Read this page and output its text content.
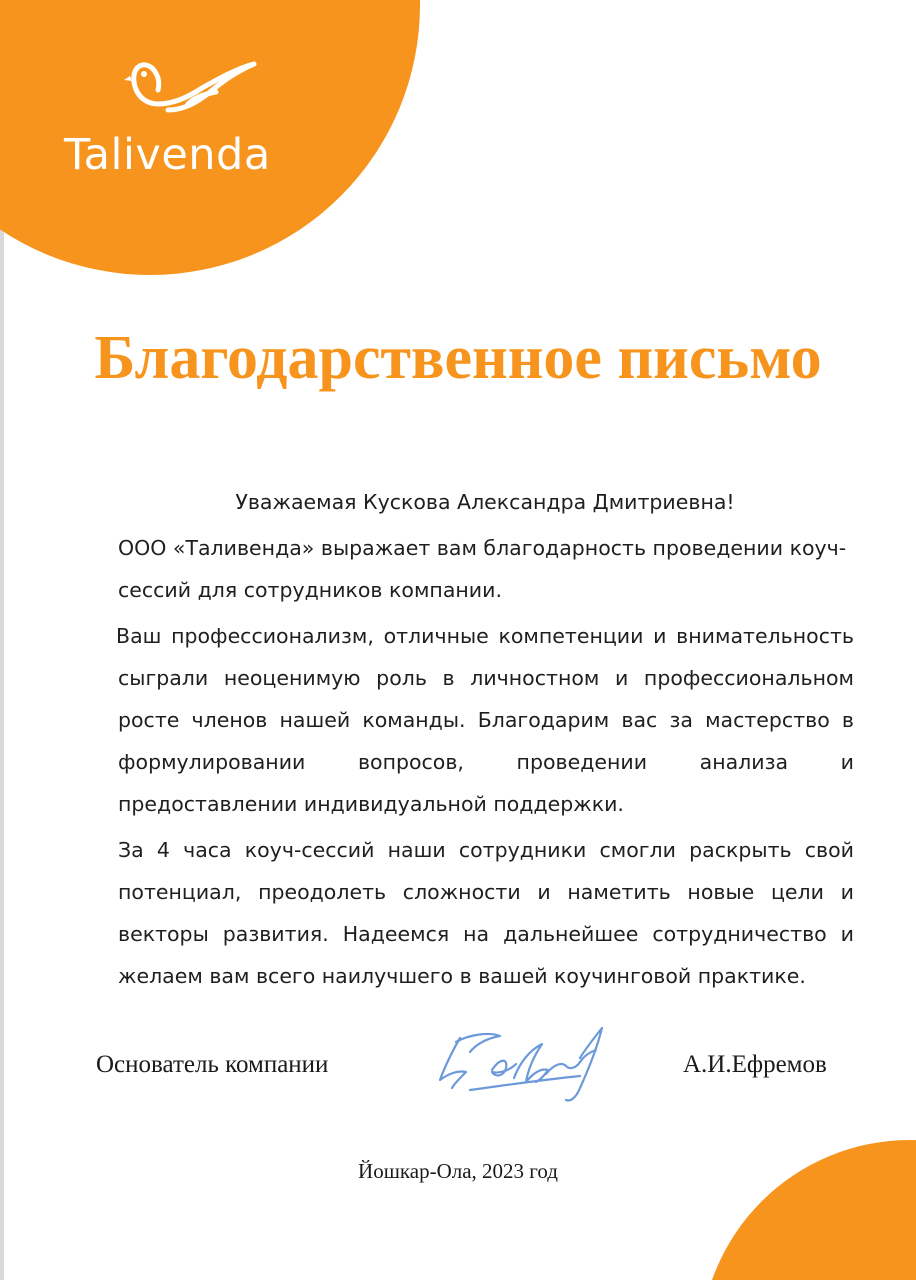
Talivenda
Благодарственное письмо
Уважаемая Кускова Александра Дмитриевна!

ООО «Таливенда» выражает вам благодарность проведении коуч-сессий для сотрудников компании.

Ваш профессионализм, отличные компетенции и внимательность сыграли неоценимую роль в личностном и профессиональном росте членов нашей команды. Благодарим вас за мастерство в формулировании вопросов, проведении анализа и предоставлении индивидуальной поддержки.

За 4 часа коуч-сессий наши сотрудники смогли раскрыть свой потенциал, преодолеть сложности и наметить новые цели и векторы развития. Надеемся на дальнейшее сотрудничество и желаем вам всего наилучшего в вашей коучинговой практике.

Основатель компании	А.И.Ефремов
Йошкар-Ола, 2023 год
